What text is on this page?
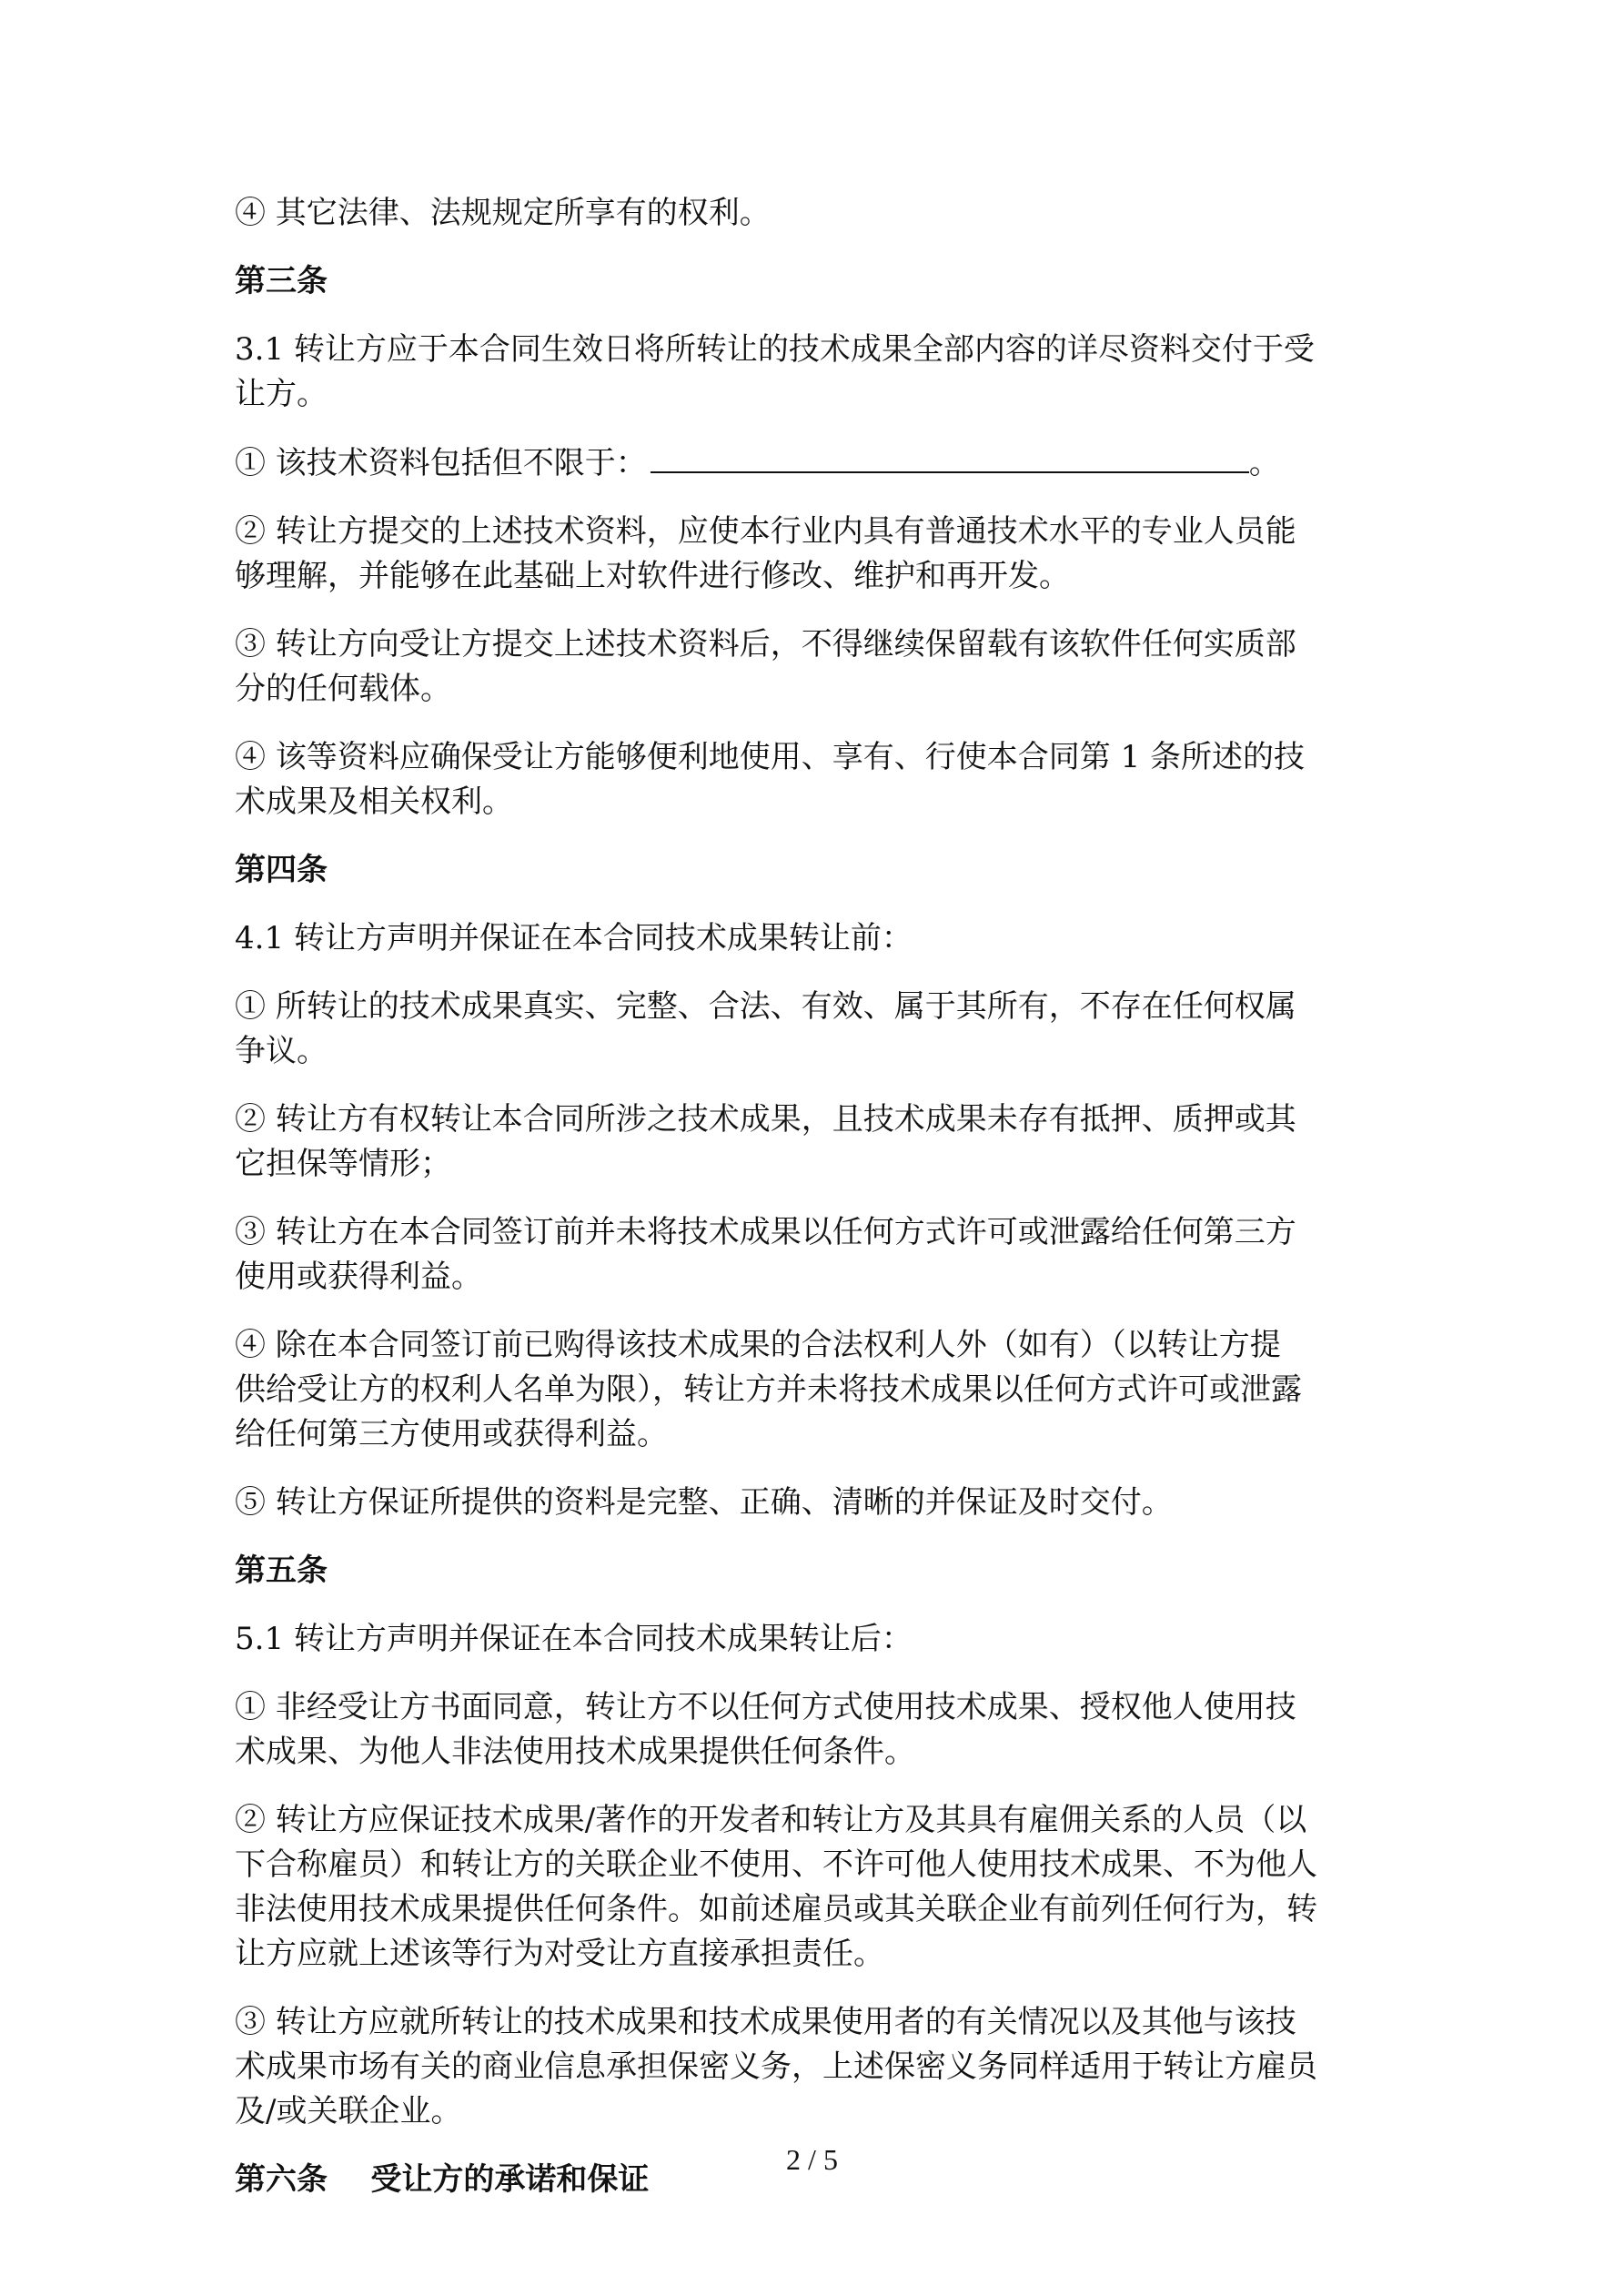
④ 其它法律、法规规定所享有的权利。
第三条
3.1 转让方应于本合同生效日将所转让的技术成果全部内容的详尽资料交付于受
让方。
① 该技术资料包括但不限于：	。
② 转让方提交的上述技术资料，应使本行业内具有普通技术水平的专业人员能
够理解，并能够在此基础上对软件进行修改、维护和再开发。
③ 转让方向受让方提交上述技术资料后，不得继续保留载有该软件任何实质部
分的任何载体。
④ 该等资料应确保受让方能够便利地使用、享有、行使本合同第 1 条所述的技
术成果及相关权利。
第四条
4.1 转让方声明并保证在本合同技术成果转让前：
① 所转让的技术成果真实、完整、合法、有效、属于其所有，不存在任何权属
争议。
② 转让方有权转让本合同所涉之技术成果，且技术成果未存有抵押、质押或其
它担保等情形；
③ 转让方在本合同签订前并未将技术成果以任何方式许可或泄露给任何第三方
使用或获得利益。
④ 除在本合同签订前已购得该技术成果的合法权利人外（如有）（以转让方提
供给受让方的权利人名单为限），转让方并未将技术成果以任何方式许可或泄露
给任何第三方使用或获得利益。
⑤ 转让方保证所提供的资料是完整、正确、清晰的并保证及时交付。
第五条
5.1 转让方声明并保证在本合同技术成果转让后：
① 非经受让方书面同意，转让方不以任何方式使用技术成果、授权他人使用技
术成果、为他人非法使用技术成果提供任何条件。
② 转让方应保证技术成果/著作的开发者和转让方及其具有雇佣关系的人员（以
下合称雇员）和转让方的关联企业不使用、不许可他人使用技术成果、不为他人
非法使用技术成果提供任何条件。如前述雇员或其关联企业有前列任何行为，转
让方应就上述该等行为对受让方直接承担责任。
③ 转让方应就所转让的技术成果和技术成果使用者的有关情况以及其他与该技
术成果市场有关的商业信息承担保密义务，上述保密义务同样适用于转让方雇员
及/或关联企业。
第六条    受让方的承诺和保证
2 / 5
